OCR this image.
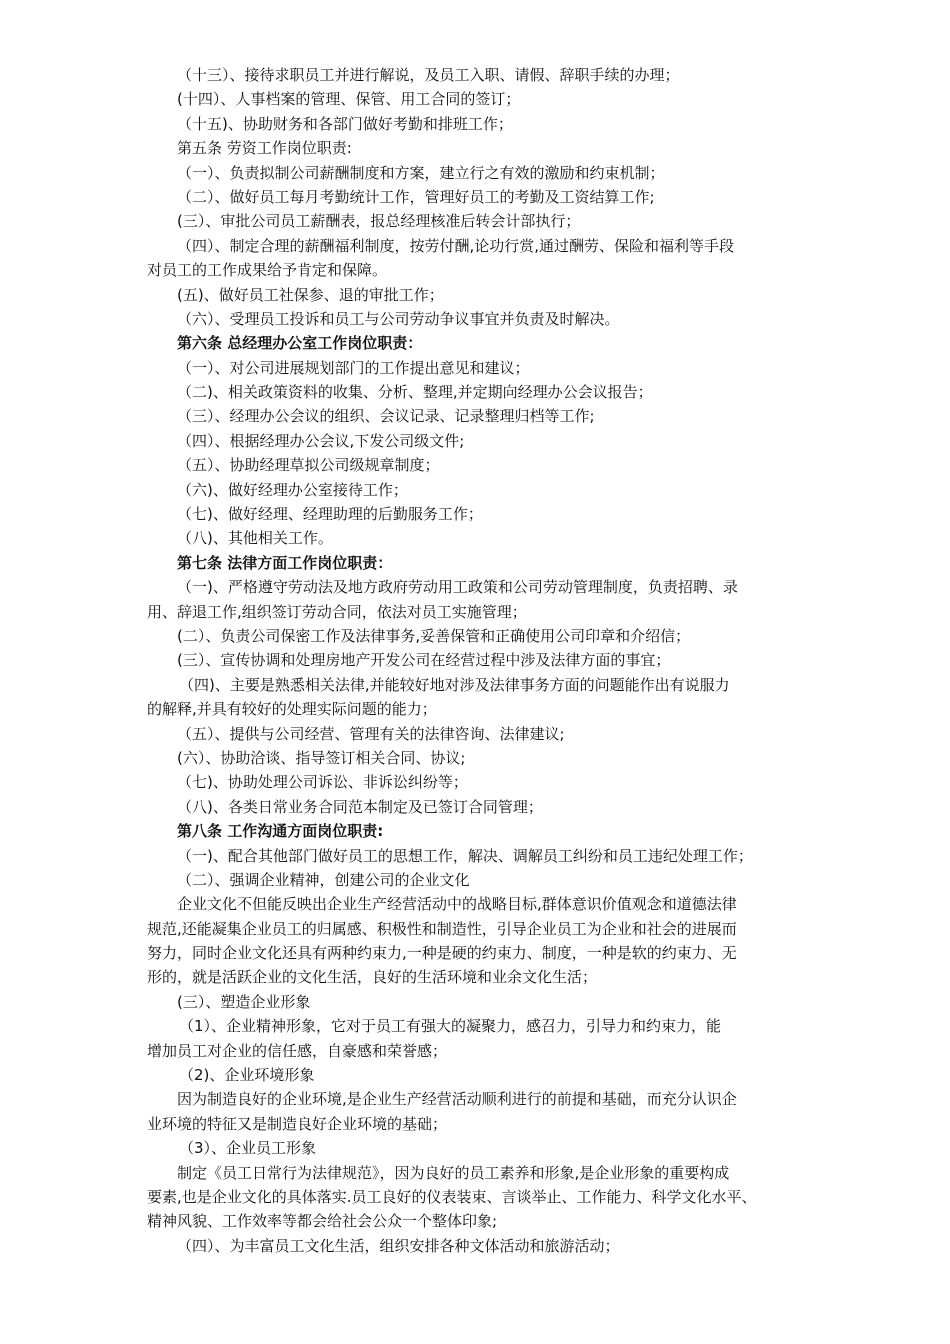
（十三）、接待求职员工并进行解说，及员工入职、请假、辞职手续的办理；
(十四）、人事档案的管理、保管、用工合同的签订；
（十五)、协助财务和各部门做好考勤和排班工作；
第五条 劳资工作岗位职责:
（一）、负责拟制公司薪酬制度和方案，建立行之有效的激励和约束机制；
（二）、做好员工每月考勤统计工作，管理好员工的考勤及工资结算工作;
(三）、审批公司员工薪酬表，报总经理核准后转会计部执行；
（四）、制定合理的薪酬福利制度，按劳付酬,论功行赏,通过酬劳、保险和福利等手段
对员工的工作成果给予肯定和保障。
(五)、做好员工社保参、退的审批工作；
（六）、受理员工投诉和员工与公司劳动争议事宜并负责及时解决。
第六条 总经理办公室工作岗位职责：
（一）、对公司进展规划部门的工作提出意见和建议；
（二)、相关政策资料的收集、分析、整理,并定期向经理办公会议报告；
（三）、经理办公会议的组织、会议记录、记录整理归档等工作;
（四）、根据经理办公会议,下发公司级文件;
（五）、协助经理草拟公司级规章制度；
（六)、做好经理办公室接待工作；
（七)、做好经理、经理助理的后勤服务工作；
（八)、其他相关工作。
第七条 法律方面工作岗位职责：
（一)、严格遵守劳动法及地方政府劳动用工政策和公司劳动管理制度，负责招聘、录
用、辞退工作,组织签订劳动合同，依法对员工实施管理；
(二）、负责公司保密工作及法律事务,妥善保管和正确使用公司印章和介绍信；
(三）、宣传协调和处理房地产开发公司在经营过程中涉及法律方面的事宜；
（四)、主要是熟悉相关法律,并能较好地对涉及法律事务方面的问题能作出有说服力
的解释,并具有较好的处理实际问题的能力；
（五）、提供与公司经营、管理有关的法律咨询、法律建议;
(六）、协助洽谈、指导签订相关合同、协议;
（七)、协助处理公司诉讼、非诉讼纠纷等；
（八)、各类日常业务合同范本制定及已签订合同管理；
第八条 工作沟通方面岗位职责:
（一)、配合其他部门做好员工的思想工作，解决、调解员工纠纷和员工违纪处理工作；
（二）、强调企业精神，创建公司的企业文化
企业文化不但能反映出企业生产经营活动中的战略目标,群体意识价值观念和道德法律
规范,还能凝集企业员工的归属感、积极性和制造性，引导企业员工为企业和社会的进展而
努力，同时企业文化还具有两种约束力,一种是硬的约束力、制度，一种是软的约束力、无
形的，就是活跃企业的文化生活，良好的生活环境和业余文化生活；
(三）、塑造企业形象
（1）、企业精神形象，它对于员工有强大的凝聚力，感召力，引导力和约束力，能
增加员工对企业的信任感，自豪感和荣誉感；
（2)、企业环境形象
因为制造良好的企业环境,是企业生产经营活动顺利进行的前提和基础，而充分认识企
业环境的特征又是制造良好企业环境的基础；
（3）、企业员工形象
制定《员工日常行为法律规范》，因为良好的员工素养和形象,是企业形象的重要构成
要素,也是企业文化的具体落实.员工良好的仪表装束、言谈举止、工作能力、科学文化水平、
精神风貌、工作效率等都会给社会公众一个整体印象;
（四）、为丰富员工文化生活，组织安排各种文体活动和旅游活动；
